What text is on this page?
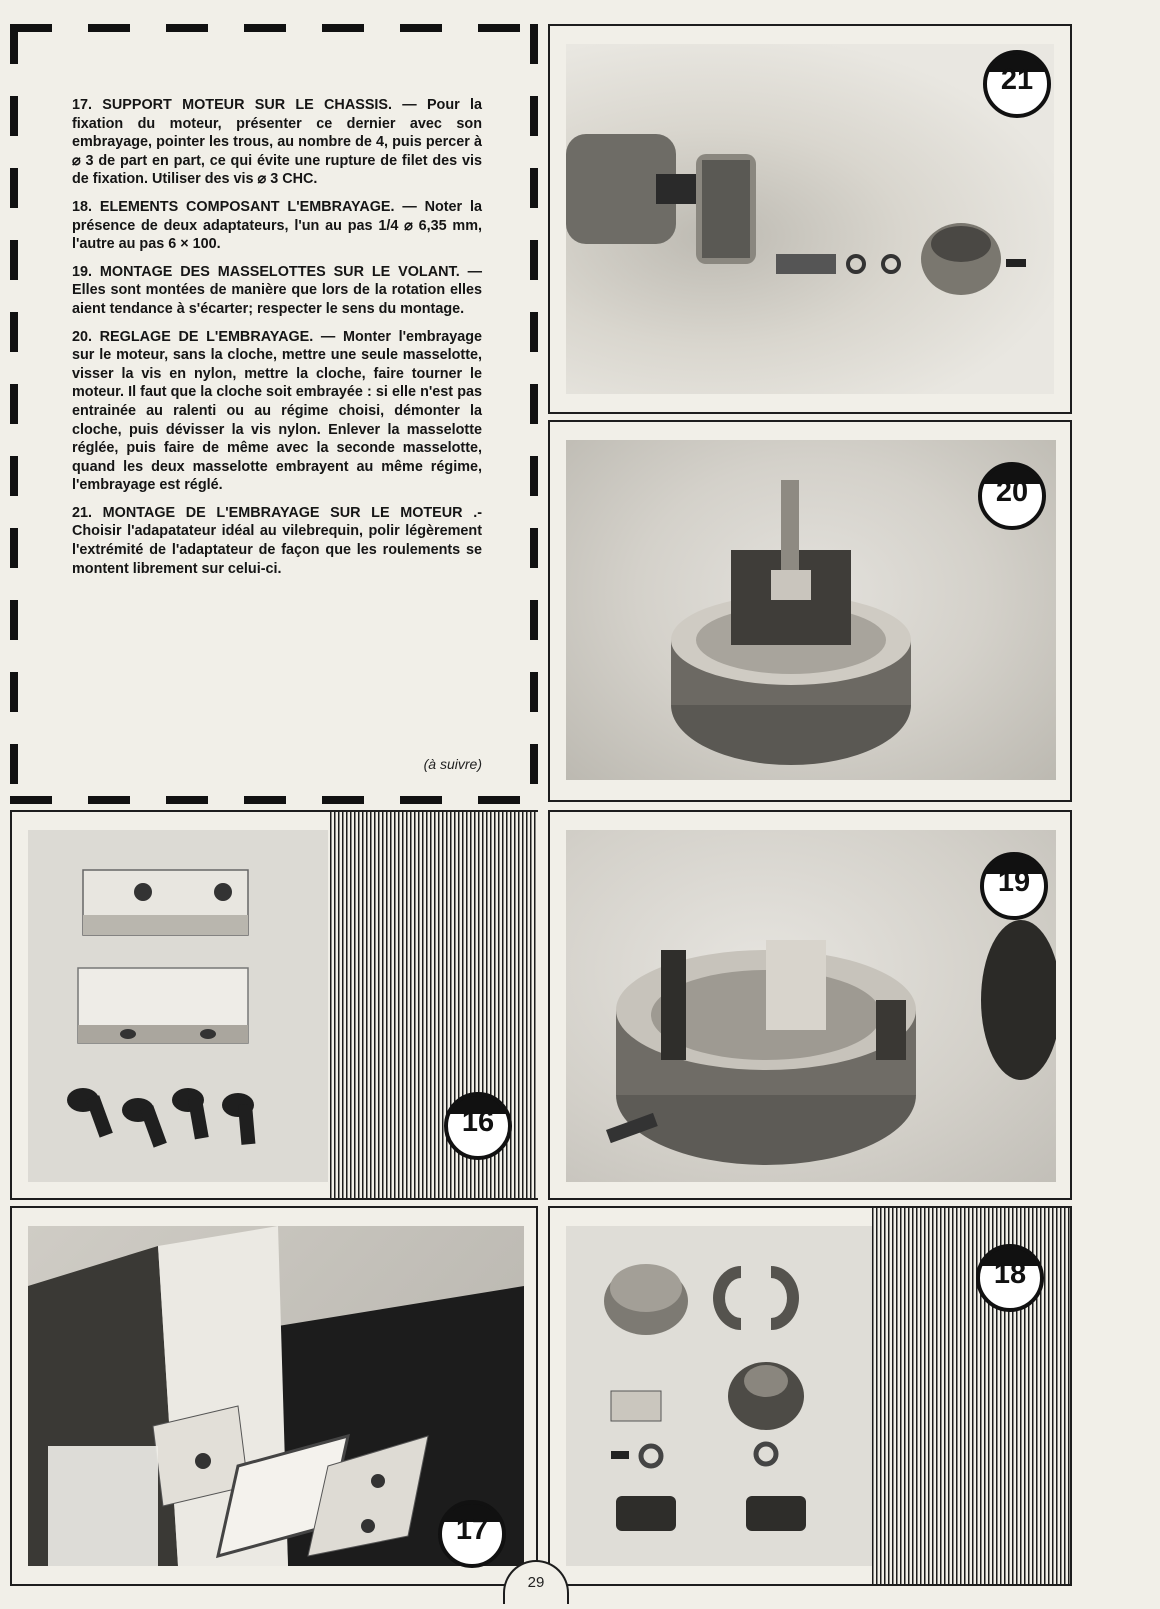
17. SUPPORT MOTEUR SUR LE CHASSIS. — Pour la fixation du moteur, présenter ce dernier avec son embrayage, pointer les trous, au nombre de 4, puis percer à ⌀ 3 de part en part, ce qui évite une rupture de filet des vis de fixation. Utiliser des vis ⌀ 3 CHC.

18. ELEMENTS COMPOSANT L'EMBRAYAGE. — Noter la présence de deux adaptateurs, l'un au pas 1/4 ⌀ 6,35 mm, l'autre au pas 6 × 100.

19. MONTAGE DES MASSELOTTES SUR LE VOLANT. — Elles sont montées de manière que lors de la rotation elles aient tendance à s'écarter; respecter le sens du montage.

20. REGLAGE DE L'EMBRAYAGE. — Monter l'embrayage sur le moteur, sans la cloche, mettre une seule masselotte, visser la vis en nylon, mettre la cloche, faire tourner le moteur. Il faut que la cloche soit embrayée : si elle n'est pas entrainée au ralenti ou au régime choisi, démonter la cloche, puis dévisser la vis nylon. Enlever la masselotte réglée, puis faire de même avec la seconde masselotte, quand les deux masselotte embrayent au même régime, l'embrayage est réglé.

21. MONTAGE DE L'EMBRAYAGE SUR LE MOTEUR .- Choisir l'adapatateur idéal au vilebrequin, polir légèrement l'extrémité de l'adaptateur de façon que les roulements se montent librement sur celui-ci.

(à suivre)
21
20
16
19
17
18
29
